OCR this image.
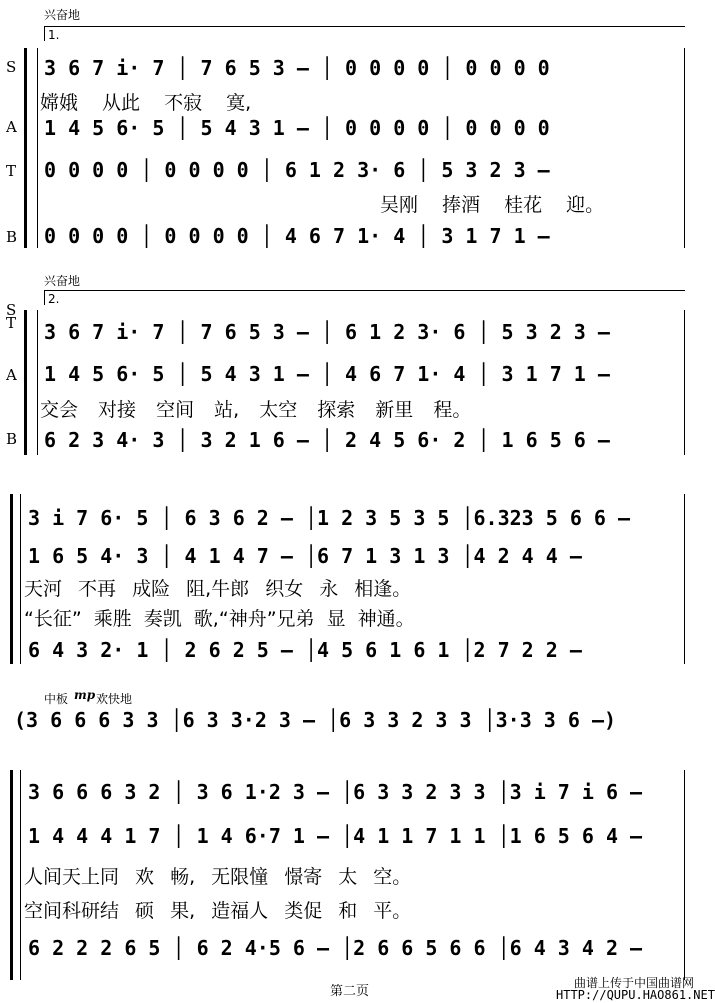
兴奋地
1.
S
A
T
B
3 6 7 i· 7 │ 7 6 5 3 – │ 0 0 0 0 │ 0 0 0 0
嫦娥 从此 不寂 寞,
1 4 5 6· 5 │ 5 4 3 1 – │ 0 0 0 0 │ 0 0 0 0
0 0 0 0 │ 0 0 0 0 │ 6 1 2 3· 6 │ 5 3 2 3 –
吴刚 捧酒 桂花 迎。
0 0 0 0 │ 0 0 0 0 │ 4 6 7 1· 4 │ 3 1 7 1 –
兴奋地
2.
S T
A
B
3 6 7 i· 7 │ 7 6 5 3 – │ 6 1 2 3· 6 │ 5 3 2 3 –
1 4 5 6· 5 │ 5 4 3 1 – │ 4 6 7 1· 4 │ 3 1 7 1 –
交会 对接 空间 站, 太空 探索 新里 程。
6 2 3 4· 3 │ 3 2 1 6 – │ 2 4 5 6· 2 │ 1 6 5 6 –
3 i 7 6· 5 │ 6 3 6 2 – │1 2 3 5 3 5 │6.323 5 6 6 –
1 6 5 4· 3 │ 4 1 4 7 – │6 7 1 3 1 3 │4 2 4 4 –
天河 不再 成险 阻,牛郎 织女 永 相逢。
“长征” 乘胜 奏凯 歌,“神舟”兄弟 显 神通。
6 4 3 2· 1 │ 2 6 2 5 – │4 5 6 1 6 1 │2 7 2 2 –
中板 mp 欢快地
(3 6 6 6 3 3 │6 3 3·2 3 – │6 3 3 2 3 3 │3·3 3 6 –)
3 6 6 6 3 2 │ 3 6 1·2 3 – │6 3 3 2 3 3 │3 i 7 i 6 –
1 4 4 4 1 7 │ 1 4 6·7 1 – │4 1 1 7 1 1 │1 6 5 6 4 –
人间天上同 欢 畅, 无限憧 憬寄 太 空。
空间科研结 硕 果, 造福人 类促 和 平。
6 2 2 2 6 5 │ 6 2 4·5 6 – │2 6 6 5 6 6 │6 4 3 4 2 –
第二页
曲谱上传于中国曲谱网
HTTP://QUPU.HAO861.NET
